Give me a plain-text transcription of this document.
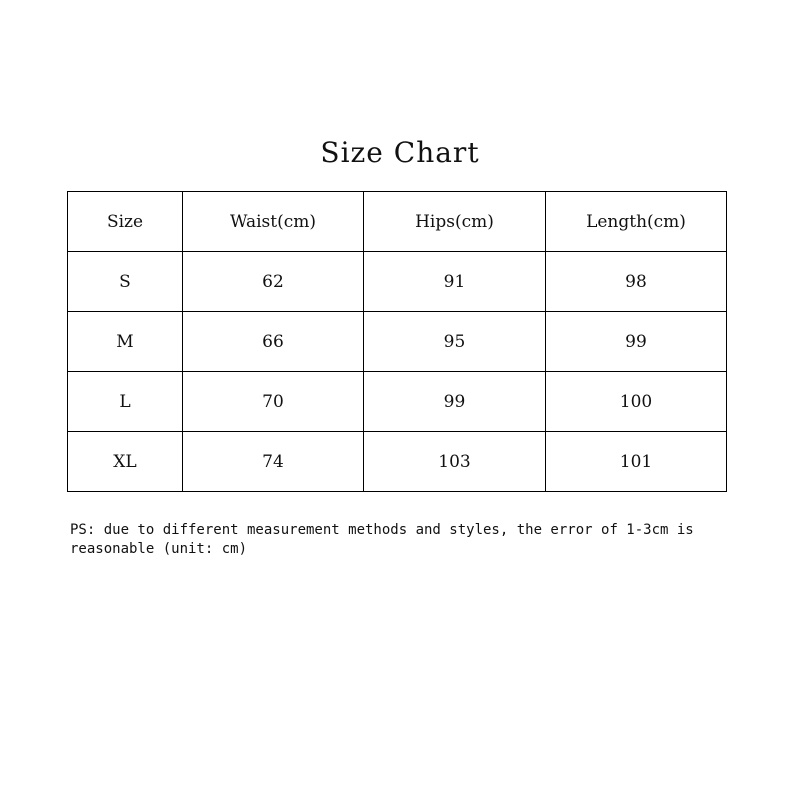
Size Chart
Size	Waist(cm)	Hips(cm)	Length(cm)
S	62	91	98
M	66	95	99
L	70	99	100
XL	74	103	101
PS: due to different measurement methods and styles, the error of 1-3cm is
reasonable (unit: cm)
